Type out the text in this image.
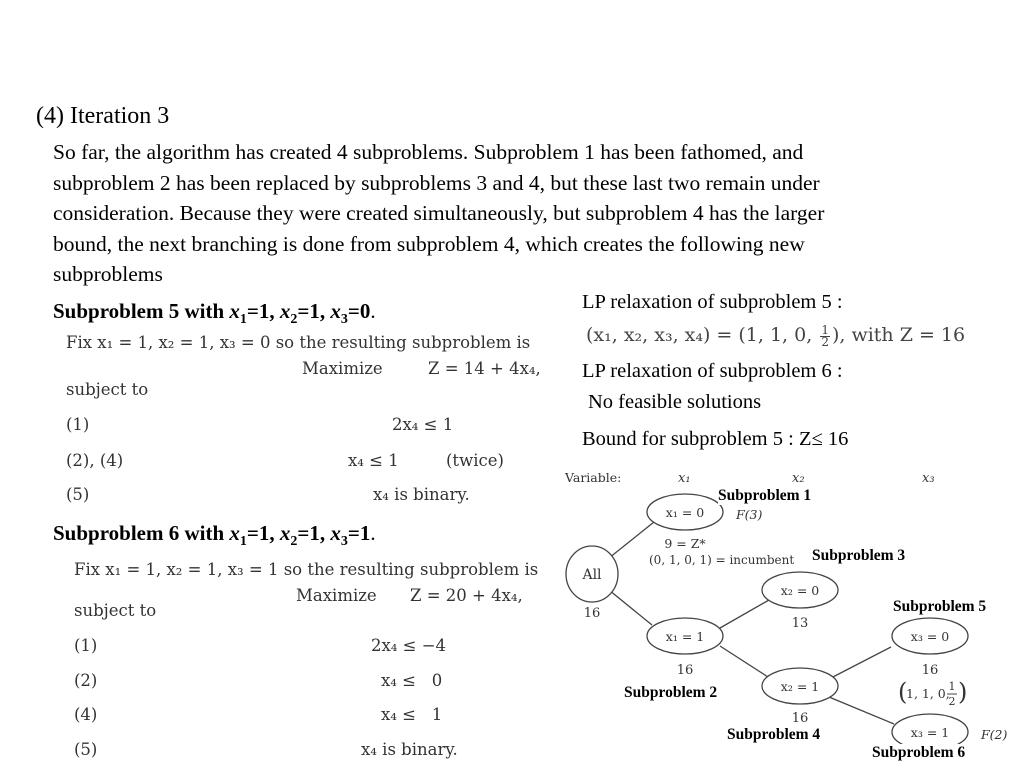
(4) Iteration 3
So far, the algorithm has created 4 subproblems. Subproblem 1 has been fathomed, and
subproblem 2 has been replaced by subproblems 3 and 4, but these last two remain under
consideration. Because they were created simultaneously, but subproblem 4 has the larger
bound, the next branching is done from subproblem 4, which creates the following new
subproblems
Subproblem 5 with $x_1=1$, $x_2=1$, $x_3=0$.
Fix x₁ = 1, x₂ = 1, x₃ = 0 so the resulting subproblem is
Maximize	Z = 14 + 4x₄,
subject to
(1)	2x₄ ≤ 1
(2), (4)	x₄ ≤ 1	(twice)
(5)	x₄ is binary.
Subproblem 6 with $x_1=1$, $x_2=1$, $x_3=1$.
Fix x₁ = 1, x₂ = 1, x₃ = 1 so the resulting subproblem is
Maximize Z = 20 + 4x₄,
subject to
(1)	2x₄ ≤ −4
(2)	x₄ ≤   0
(4)	x₄ ≤   1
(5)	x₄ is binary.
LP relaxation of subproblem 5 :
(x₁, x₂, x₃, x₄) = (1, 1, 0, $\frac{1}{2}$ ), with Z = 16
LP relaxation of subproblem 6 :
No feasible solutions
Bound for subproblem 5 : Z≤ 16
Variable:	x₁	x₂	x₃
All
16
x₁ = 0	F(3)
9 = Z*
(0, 1, 0, 1) = incumbent
x₁ = 1
16
x₂ = 0
13
x₂ = 1
16
x₃ = 0
16
(
1, 1, 0,
1
2 )
x₃ = 1	F(2)
Subproblem 1
Subproblem 3
Subproblem 5
Subproblem 2
Subproblem 4
Subproblem 6
